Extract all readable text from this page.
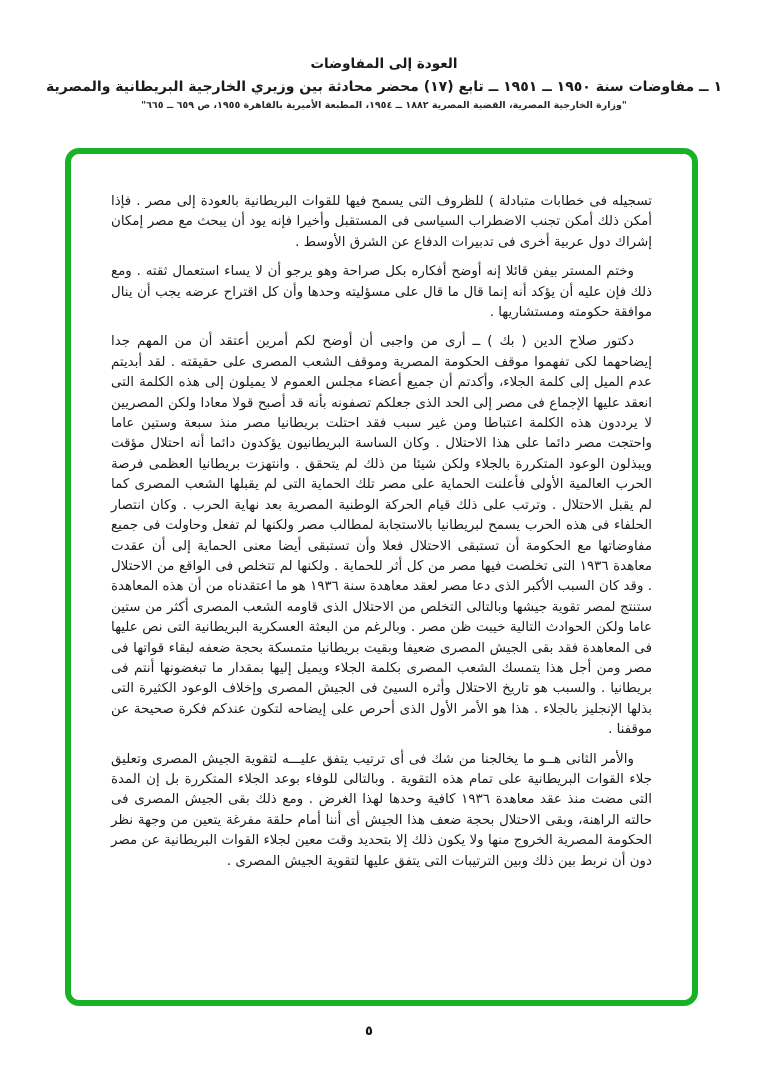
العودة إلى المفاوضات
١ ــ مفاوضات سنة ١٩٥٠ ــ ١٩٥١ ــ تابع (١٧) محضر محادثة بين وزيري الخارجية البريطانية والمصرية
"وزارة الخارجية المصرية، القضية المصرية ١٨٨٢ ــ ١٩٥٤، المطبعة الأميرية بالقاهرة ١٩٥٥، ص ٦٥٩ ــ ٦٦٥"

تسجيله فى خطابات متبادلة ) للظروف التى يسمح فيها للقوات البريطانية بالعودة إلى مصر . فإذا أمكن ذلك أمكن تجنب الاضطراب السياسى فى المستقبل وأخيرا فإنه يود أن يبحث مع مصر إمكان إشراك دول عربية أخرى فى تدبيرات الدفاع عن الشرق الأوسط .

وختم المستر بيفن قائلا إنه أوضح أفكاره بكل صراحة وهو يرجو أن لا يساء استعمال ثقته . ومع ذلك فإن عليه أن يؤكد أنه إنما قال ما قال على مسؤليته وحدها وأن كل اقتراح عرضه يجب أن ينال موافقة حكومته ومستشاريها .

دكتور صلاح الدين ( بك ) ــ أرى من واجبى أن أوضح لكم أمرين أعتقد أن من المهم جدا إيضاحهما لكى تفهموا موقف الحكومة المصرية وموقف الشعب المصرى على حقيقته . لقد أبديتم عدم الميل إلى كلمة الجلاء، وأكدتم أن جميع أعضاء مجلس العموم لا يميلون إلى هذه الكلمة التى انعقد عليها الإجماع فى مصر إلى الحد الذى جعلكم تصفونه بأنه قد أصبح قولا معادا ولكن المصريين لا يرددون هذه الكلمة اعتباطا ومن غير سبب فقد احتلت بريطانيا مصر منذ سبعة وستين عاما واحتجت مصر دائما على هذا الاحتلال . وكان الساسة البريطانيون يؤكدون دائما أنه احتلال مؤقت ويبذلون الوعود المتكررة بالجلاء ولكن شيئا من ذلك لم يتحقق . وانتهزت بريطانيا العظمى فرصة الحرب العالمية الأولى فأعلنت الحماية على مصر تلك الحماية التى لم يقبلها الشعب المصرى كما لم يقبل الاحتلال . وترتب على ذلك قيام الحركة الوطنية المصرية بعد نهاية الحرب . وكان انتصار الحلفاء فى هذه الحرب يسمح لبريطانيا بالاستجابة لمطالب مصر ولكنها لم تفعل وحاولت فى جميع مفاوضاتها مع الحكومة أن تستبقى الاحتلال فعلا وأن تستبقى أيضا معنى الحماية إلى أن عقدت معاهدة ١٩٣٦ التى تخلصت فيها مصر من كل أثر للحماية . ولكنها لم تتخلص فى الواقع من الاحتلال . وقد كان السبب الأكبر الذى دعا مصر لعقد معاهدة سنة ١٩٣٦ هو ما اعتقدناه من أن هذه المعاهدة ستنتج لمصر تقوية جيشها وبالتالى التخلص من الاحتلال الذى قاومه الشعب المصرى أكثر من ستين عاما ولكن الحوادث التالية خيبت ظن مصر . وبالرغم من البعثة العسكرية البريطانية التى نص عليها فى المعاهدة فقد بقى الجيش المصرى ضعيفا وبقيت بريطانيا متمسكة بحجة ضعفه لبقاء قواتها فى مصر ومن أجل هذا يتمسك الشعب المصرى بكلمة الجلاء ويميل إليها بمقدار ما تبغضونها أنتم فى بريطانيا . والسبب هو تاريخ الاحتلال وأثره السيئ فى الجيش المصرى وإخلاف الوعود الكثيرة التى بذلها الإنجليز بالجلاء . هذا هو الأمر الأول الذى أحرص على إيضاحه لتكون عندكم فكرة صحيحة عن موقفنا .

والأمر الثانى هــو ما يخالجنا من شك فى أى ترتيب يتفق عليـــه لتقوية الجيش المصرى وتعليق جلاء القوات البريطانية على تمام هذه التقوية . وبالتالى للوفاء بوعد الجلاء المتكررة بل إن المدة التى مضت منذ عقد معاهدة ١٩٣٦ كافية وحدها لهذا الغرض . ومع ذلك بقى الجيش المصرى فى حالته الراهنة، وبقى الاحتلال بحجة ضعف هذا الجيش أى أننا أمام حلقة مفرغة يتعين من وجهة نظر الحكومة المصرية الخروج منها ولا يكون ذلك إلا بتحديد وقت معين لجلاء القوات البريطانية عن مصر دون أن نربط بين ذلك وبين الترتيبات التى يتفق عليها لتقوية الجيش المصرى .

٥
